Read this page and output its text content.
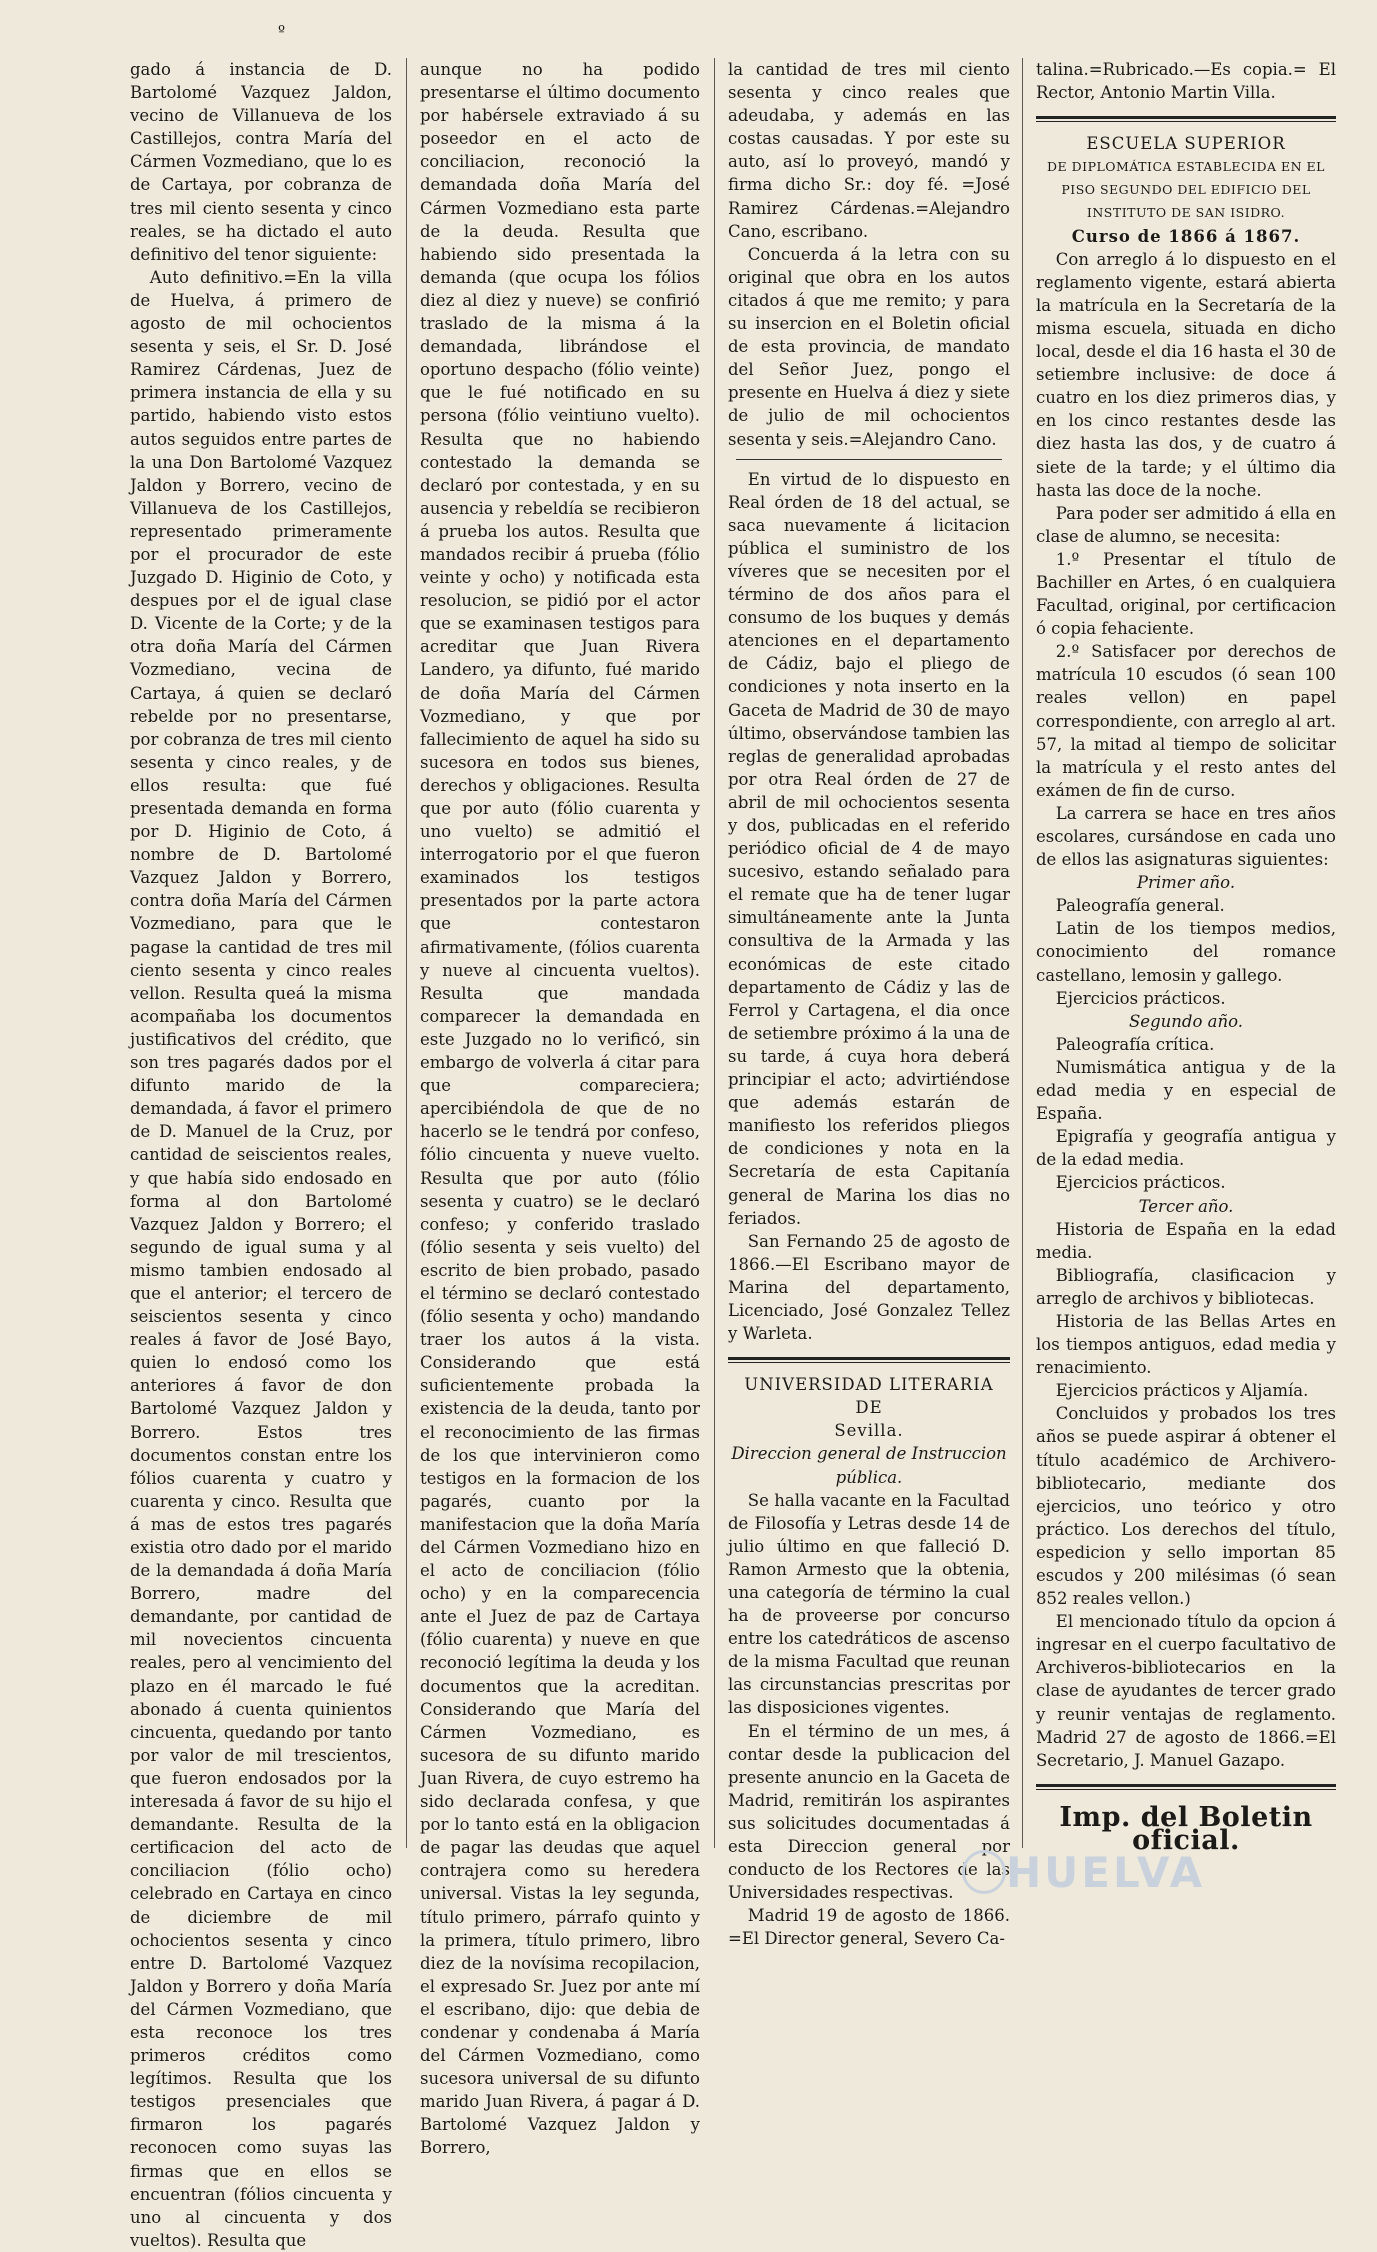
º

gado á instancia de D. Bartolomé Vazquez Jaldon, vecino de Villanueva de los Castillejos, contra María del Cármen Vozmediano, que lo es de Cartaya, por cobranza de tres mil ciento sesenta y cinco reales, se ha dictado el auto definitivo del tenor siguiente:

Auto definitivo.=En la villa de Huelva, á primero de agosto de mil ochocientos sesenta y seis, el Sr. D. José Ramirez Cárdenas, Juez de primera instancia de ella y su partido, habiendo visto estos autos seguidos entre partes de la una Don Bartolomé Vazquez Jaldon y Borrero, vecino de Villanueva de los Castillejos, representado primeramente por el procurador de este Juzgado D. Higinio de Coto, y despues por el de igual clase D. Vicente de la Corte; y de la otra doña María del Cármen Vozmediano, vecina de Cartaya, á quien se declaró rebelde por no presentarse, por cobranza de tres mil ciento sesenta y cinco reales, y de ellos resulta: que fué presentada demanda en forma por D. Higinio de Coto, á nombre de D. Bartolomé Vazquez Jaldon y Borrero, contra doña María del Cármen Vozmediano, para que le pagase la cantidad de tres mil ciento sesenta y cinco reales vellon. Resulta queá la misma acompañaba los documentos justificativos del crédito, que son tres pagarés dados por el difunto marido de la demandada, á favor el primero de D. Manuel de la Cruz, por cantidad de seiscientos reales, y que había sido endosado en forma al don Bartolomé Vazquez Jaldon y Borrero; el segundo de igual suma y al mismo tambien endosado al que el anterior; el tercero de seiscientos sesenta y cinco reales á favor de José Bayo, quien lo endosó como los anteriores á favor de don Bartolomé Vazquez Jaldon y Borrero. Estos tres documentos constan entre los fólios cuarenta y cuatro y cuarenta y cinco. Resulta que á mas de estos tres pagarés existia otro dado por el marido de la demandada á doña María Borrero, madre del demandante, por cantidad de mil novecientos cincuenta reales, pero al vencimiento del plazo en él marcado le fué abonado á cuenta quinientos cincuenta, quedando por tanto por valor de mil trescientos, que fueron endosados por la interesada á favor de su hijo el demandante. Resulta de la certificacion del acto de conciliacion (fólio ocho) celebrado en Cartaya en cinco de diciembre de mil ochocientos sesenta y cinco entre D. Bartolomé Vazquez Jaldon y Borrero y doña María del Cármen Vozmediano, que esta reconoce los tres primeros créditos como legítimos. Resulta que los testigos presenciales que firmaron los pagarés reconocen como suyas las firmas que en ellos se encuentran (fólios cincuenta y uno al cincuenta y dos vueltos). Resulta que

aunque no ha podido presentarse el último documento por habérsele extraviado á su poseedor en el acto de conciliacion, reconoció la demandada doña María del Cármen Vozmediano esta parte de la deuda. Resulta que habiendo sido presentada la demanda (que ocupa los fólios diez al diez y nueve) se confirió traslado de la misma á la demandada, librándose el oportuno despacho (fólio veinte) que le fué notificado en su persona (fólio veintiuno vuelto). Resulta que no habiendo contestado la demanda se declaró por contestada, y en su ausencia y rebeldía se recibieron á prueba los autos. Resulta que mandados recibir á prueba (fólio veinte y ocho) y notificada esta resolucion, se pidió por el actor que se examinasen testigos para acreditar que Juan Rivera Landero, ya difunto, fué marido de doña María del Cármen Vozmediano, y que por fallecimiento de aquel ha sido su sucesora en todos sus bienes, derechos y obligaciones. Resulta que por auto (fólio cuarenta y uno vuelto) se admitió el interrogatorio por el que fueron examinados los testigos presentados por la parte actora que contestaron afirmativamente, (fólios cuarenta y nueve al cincuenta vueltos). Resulta que mandada comparecer la demandada en este Juzgado no lo verificó, sin embargo de volverla á citar para que compareciera; apercibiéndola de que de no hacerlo se le tendrá por confeso, fólio cincuenta y nueve vuelto. Resulta que por auto (fólio sesenta y cuatro) se le declaró confeso; y conferido traslado (fólio sesenta y seis vuelto) del escrito de bien probado, pasado el término se declaró contestado (fólio sesenta y ocho) mandando traer los autos á la vista. Considerando que está suficientemente probada la existencia de la deuda, tanto por el reconocimiento de las firmas de los que intervinieron como testigos en la formacion de los pagarés, cuanto por la manifestacion que la doña María del Cármen Vozmediano hizo en el acto de conciliacion (fólio ocho) y en la comparecencia ante el Juez de paz de Cartaya (fólio cuarenta) y nueve en que reconoció legítima la deuda y los documentos que la acreditan. Considerando que María del Cármen Vozmediano, es sucesora de su difunto marido Juan Rivera, de cuyo estremo ha sido declarada confesa, y que por lo tanto está en la obligacion de pagar las deudas que aquel contrajera como su heredera universal. Vistas la ley segunda, título primero, párrafo quinto y la primera, título primero, libro diez de la novísima recopilacion, el expresado Sr. Juez por ante mí el escribano, dijo: que debia de condenar y condenaba á María del Cármen Vozmediano, como sucesora universal de su difunto marido Juan Rivera, á pagar á D. Bartolomé Vazquez Jaldon y Borrero,

la cantidad de tres mil ciento sesenta y cinco reales que adeudaba, y además en las costas causadas. Y por este su auto, así lo proveyó, mandó y firma dicho Sr.: doy fé. =José Ramirez Cárdenas.=Alejandro Cano, escribano.

Concuerda á la letra con su original que obra en los autos citados á que me remito; y para su insercion en el Boletin oficial de esta provincia, de mandato del Señor Juez, pongo el presente en Huelva á diez y siete de julio de mil ochocientos sesenta y seis.=Alejandro Cano.

En virtud de lo dispuesto en Real órden de 18 del actual, se saca nuevamente á licitacion pública el suministro de los víveres que se necesiten por el término de dos años para el consumo de los buques y demás atenciones en el departamento de Cádiz, bajo el pliego de condiciones y nota inserto en la Gaceta de Madrid de 30 de mayo último, observándose tambien las reglas de generalidad aprobadas por otra Real órden de 27 de abril de mil ochocientos sesenta y dos, publicadas en el referido periódico oficial de 4 de mayo sucesivo, estando señalado para el remate que ha de tener lugar simultáneamente ante la Junta consultiva de la Armada y las económicas de este citado departamento de Cádiz y las de Ferrol y Cartagena, el dia once de setiembre próximo á la una de su tarde, á cuya hora deberá principiar el acto; advirtiéndose que además estarán de manifiesto los referidos pliegos de condiciones y nota en la Secretaría de esta Capitanía general de Marina los dias no feriados.

San Fernando 25 de agosto de 1866.—El Escribano mayor de Marina del departamento, Licenciado, José Gonzalez Tellez y Warleta.

UNIVERSIDAD LITERARIA DE

Sevilla.

Direccion general de Instruccion pública.

Se halla vacante en la Facultad de Filosofía y Letras desde 14 de julio último en que falleció D. Ramon Armesto que la obtenia, una categoría de término la cual ha de proveerse por concurso entre los catedráticos de ascenso de la misma Facultad que reunan las circunstancias prescritas por las disposiciones vigentes.

En el término de un mes, á contar desde la publicacion del presente anuncio en la Gaceta de Madrid, remitirán los aspirantes sus solicitudes documentadas á esta Direccion general por conducto de los Rectores de las Universidades respectivas.

Madrid 19 de agosto de 1866. =El Director general, Severo Ca-

talina.=Rubricado.—Es copia.= El Rector, Antonio Martin Villa.

ESCUELA SUPERIOR

DE DIPLOMÁTICA ESTABLECIDA EN EL PISO SEGUNDO DEL EDIFICIO DEL INSTITUTO DE SAN ISIDRO.

Curso de 1866 á 1867.

Con arreglo á lo dispuesto en el reglamento vigente, estará abierta la matrícula en la Secretaría de la misma escuela, situada en dicho local, desde el dia 16 hasta el 30 de setiembre inclusive: de doce á cuatro en los diez primeros dias, y en los cinco restantes desde las diez hasta las dos, y de cuatro á siete de la tarde; y el último dia hasta las doce de la noche.

Para poder ser admitido á ella en clase de alumno, se necesita:

1.º Presentar el título de Bachiller en Artes, ó en cualquiera Facultad, original, por certificacion ó copia fehaciente.

2.º Satisfacer por derechos de matrícula 10 escudos (ó sean 100 reales vellon) en papel correspondiente, con arreglo al art. 57, la mitad al tiempo de solicitar la matrícula y el resto antes del exámen de fin de curso.

La carrera se hace en tres años escolares, cursándose en cada uno de ellos las asignaturas siguientes:

Primer año.

Paleografía general.

Latin de los tiempos medios, conocimiento del romance castellano, lemosin y gallego.

Ejercicios prácticos.

Segundo año.

Paleografía crítica.

Numismática antigua y de la edad media y en especial de España.

Epigrafía y geografía antigua y de la edad media.

Ejercicios prácticos.

Tercer año.

Historia de España en la edad media.

Bibliografía, clasificacion y arreglo de archivos y bibliotecas.

Historia de las Bellas Artes en los tiempos antiguos, edad media y renacimiento.

Ejercicios prácticos y Aljamía.

Concluidos y probados los tres años se puede aspirar á obtener el título académico de Archivero-bibliotecario, mediante dos ejercicios, uno teórico y otro práctico. Los derechos del título, espedicion y sello importan 85 escudos y 200 milésimas (ó sean 852 reales vellon.)

El mencionado título da opcion á ingresar en el cuerpo facultativo de Archiveros-bibliotecarios en la clase de ayudantes de tercer grado y reunir ventajas de reglamento. Madrid 27 de agosto de 1866.=El Secretario, J. Manuel Gazapo.

Imp. del Boletin oficial.
HUELVA
